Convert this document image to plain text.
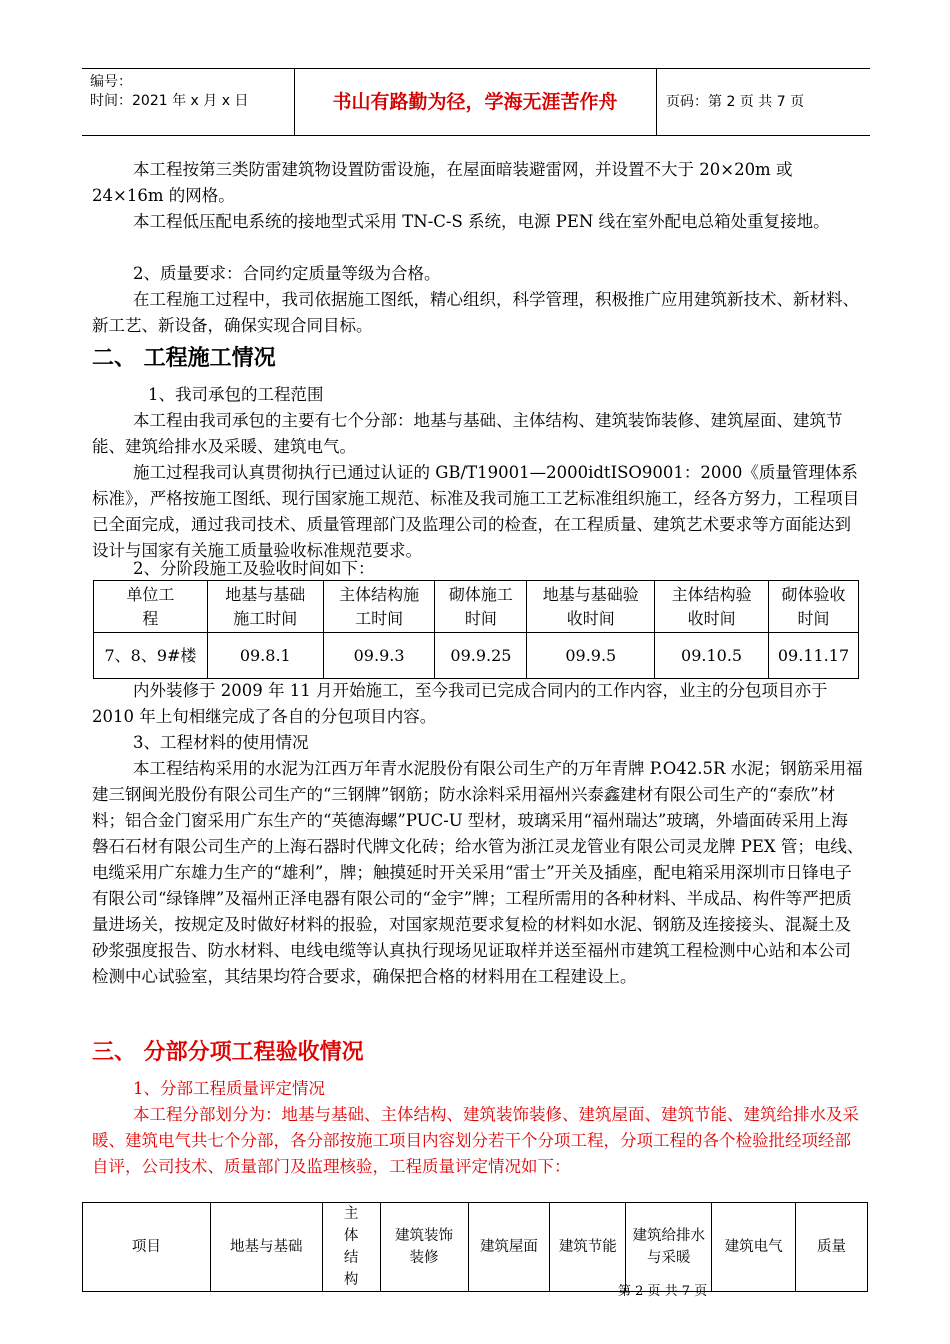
编号：
时间：2021 年 x 月 x 日	书山有路勤为径，学海无涯苦作舟	页码：第 2 页 共 7 页
本工程按第三类防雷建筑物设置防雷设施，在屋面暗装避雷网，并设置不大于 20×20m 或 24×16m 的网格。
本工程低压配电系统的接地型式采用 TN-C-S 系统，电源 PEN 线在室外配电总箱处重复接地。
2、质量要求：合同约定质量等级为合格。
在工程施工过程中，我司依据施工图纸，精心组织，科学管理，积极推广应用建筑新技术、新材料、新工艺、新设备，确保实现合同目标。
二、 工程施工情况
1、我司承包的工程范围
本工程由我司承包的主要有七个分部：地基与基础、主体结构、建筑装饰装修、建筑屋面、建筑节能、建筑给排水及采暖、建筑电气。
施工过程我司认真贯彻执行已通过认证的 GB/T19001—2000idtISO9001：2000《质量管理体系标准》，严格按施工图纸、现行国家施工规范、标准及我司施工工艺标准组织施工，经各方努力，工程项目已全面完成，通过我司技术、质量管理部门及监理公司的检查，在工程质量、建筑艺术要求等方面能达到设计与国家有关施工质量验收标准规范要求。
2、分阶段施工及验收时间如下：
单位工程	地基与基础施工时间	主体结构施工时间	砌体施工时间	地基与基础验收时间	主体结构验收时间	砌体验收时间
7、8、9#楼	09.8.1	09.9.3	09.9.25	09.9.5	09.10.5	09.11.17
内外装修于 2009 年 11 月开始施工，至今我司已完成合同内的工作内容，业主的分包项目亦于 2010 年上旬相继完成了各自的分包项目内容。
3、工程材料的使用情况
本工程结构采用的水泥为江西万年青水泥股份有限公司生产的万年青牌 P.O42.5R 水泥；钢筋采用福建三钢闽光股份有限公司生产的“三钢牌”钢筋；防水涂料采用福州兴泰鑫建材有限公司生产的“泰欣”材料；铝合金门窗采用广东生产的“英德海螺”PUC-U 型材，玻璃采用“福州瑞达”玻璃，外墙面砖采用上海磐石石材有限公司生产的上海石器时代牌文化砖；给水管为浙江灵龙管业有限公司灵龙牌 PEX 管；电线、电缆采用广东雄力生产的“雄利”，牌；触摸延时开关采用“雷士”开关及插座，配电箱采用深圳市日锋电子有限公司“绿锋牌”及福州正泽电器有限公司的“金宇”牌；工程所需用的各种材料、半成品、构件等严把质量进场关，按规定及时做好材料的报验，对国家规范要求复检的材料如水泥、钢筋及连接接头、混凝土及砂浆强度报告、防水材料、电线电缆等认真执行现场见证取样并送至福州市建筑工程检测中心站和本公司检测中心试验室，其结果均符合要求，确保把合格的材料用在工程建设上。
三、 分部分项工程验收情况
1、分部工程质量评定情况
本工程分部划分为：地基与基础、主体结构、建筑装饰装修、建筑屋面、建筑节能、建筑给排水及采暖、建筑电气共七个分部，各分部按施工项目内容划分若干个分项工程，分项工程的各个检验批经项经部自评，公司技术、质量部门及监理核验，工程质量评定情况如下：
项目	地基与基础	主体结构	建筑装饰装修	建筑屋面	建筑节能	建筑给排水与采暖	建筑电气	质量
第 2 页 共 7 页
